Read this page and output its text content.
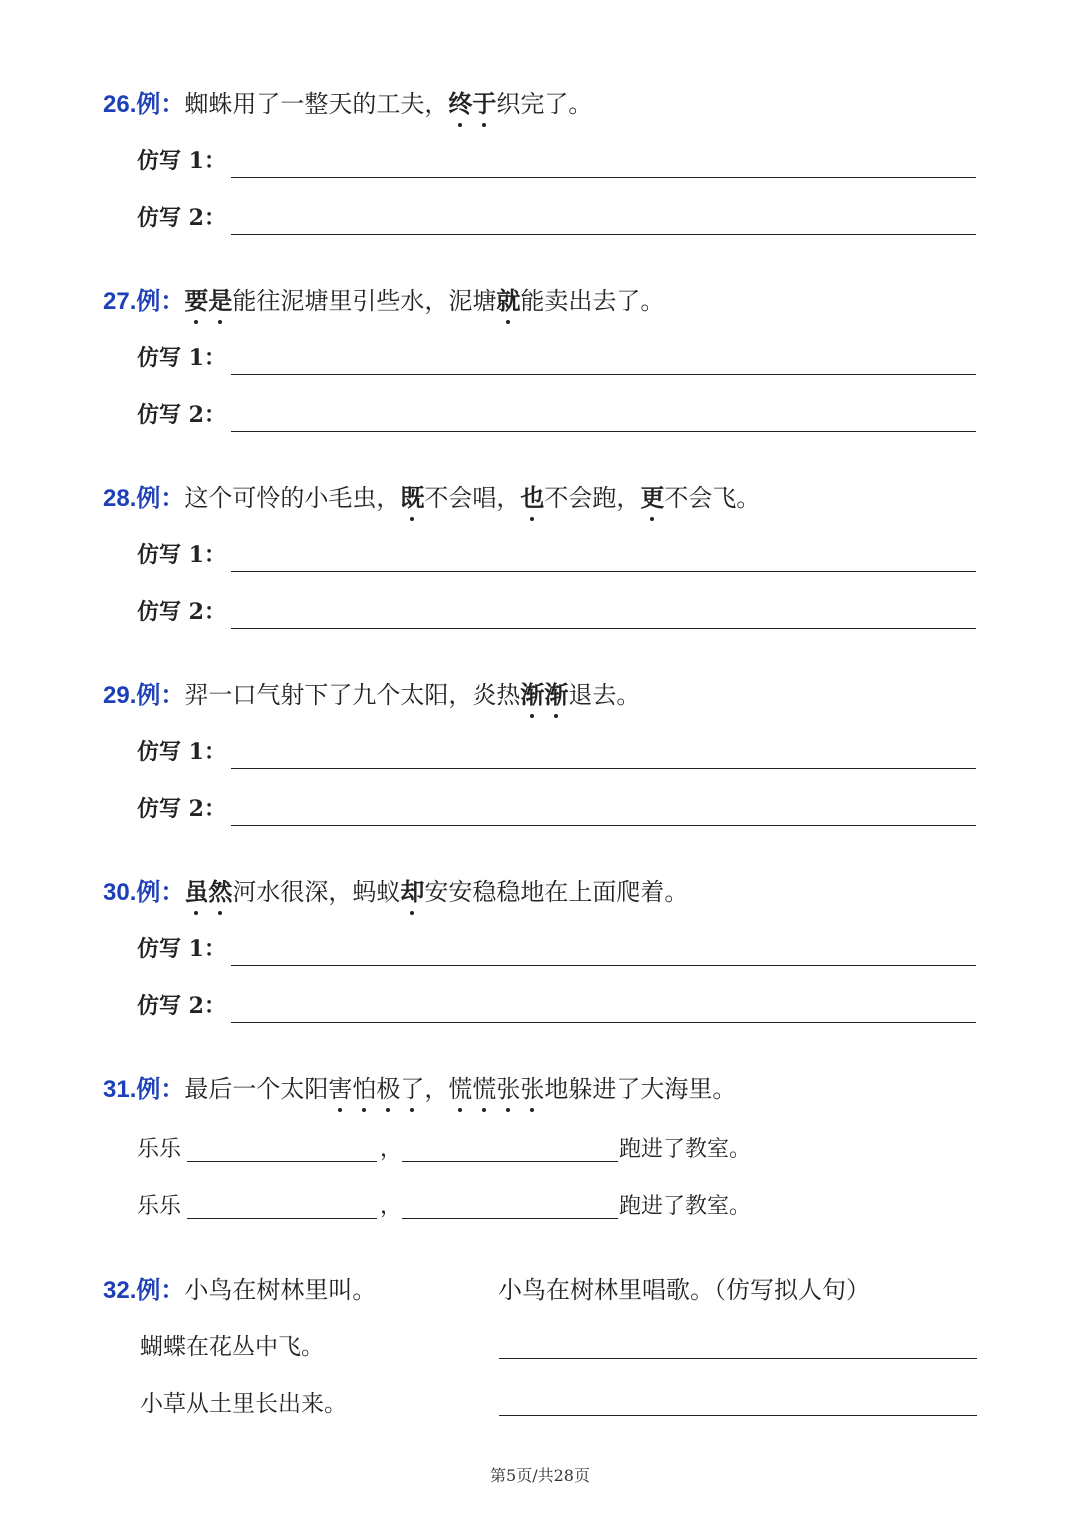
26.例：蜘蛛用了一整天的工夫，终于织完了。
仿写 1：
仿写 2：
27.例：要是能往泥塘里引些水，泥塘就能卖出去了。
仿写 1：
仿写 2：
28.例：这个可怜的小毛虫，既不会唱，也不会跑，更不会飞。
仿写 1：
仿写 2：
29.例：羿一口气射下了九个太阳，炎热渐渐退去。
仿写 1：
仿写 2：
30.例：虽然河水很深，蚂蚁却安安稳稳地在上面爬着。
仿写 1：
仿写 2：
31.例：最后一个太阳害怕极了，慌慌张张地躲进了大海里。
乐乐	，	跑进了教室。
乐乐	，	跑进了教室。
32.例：小鸟在树林里叫。	小鸟在树林里唱歌。（仿写拟人句）
蝴蝶在花丛中飞。
小草从土里长出来。
第5页/共28页
